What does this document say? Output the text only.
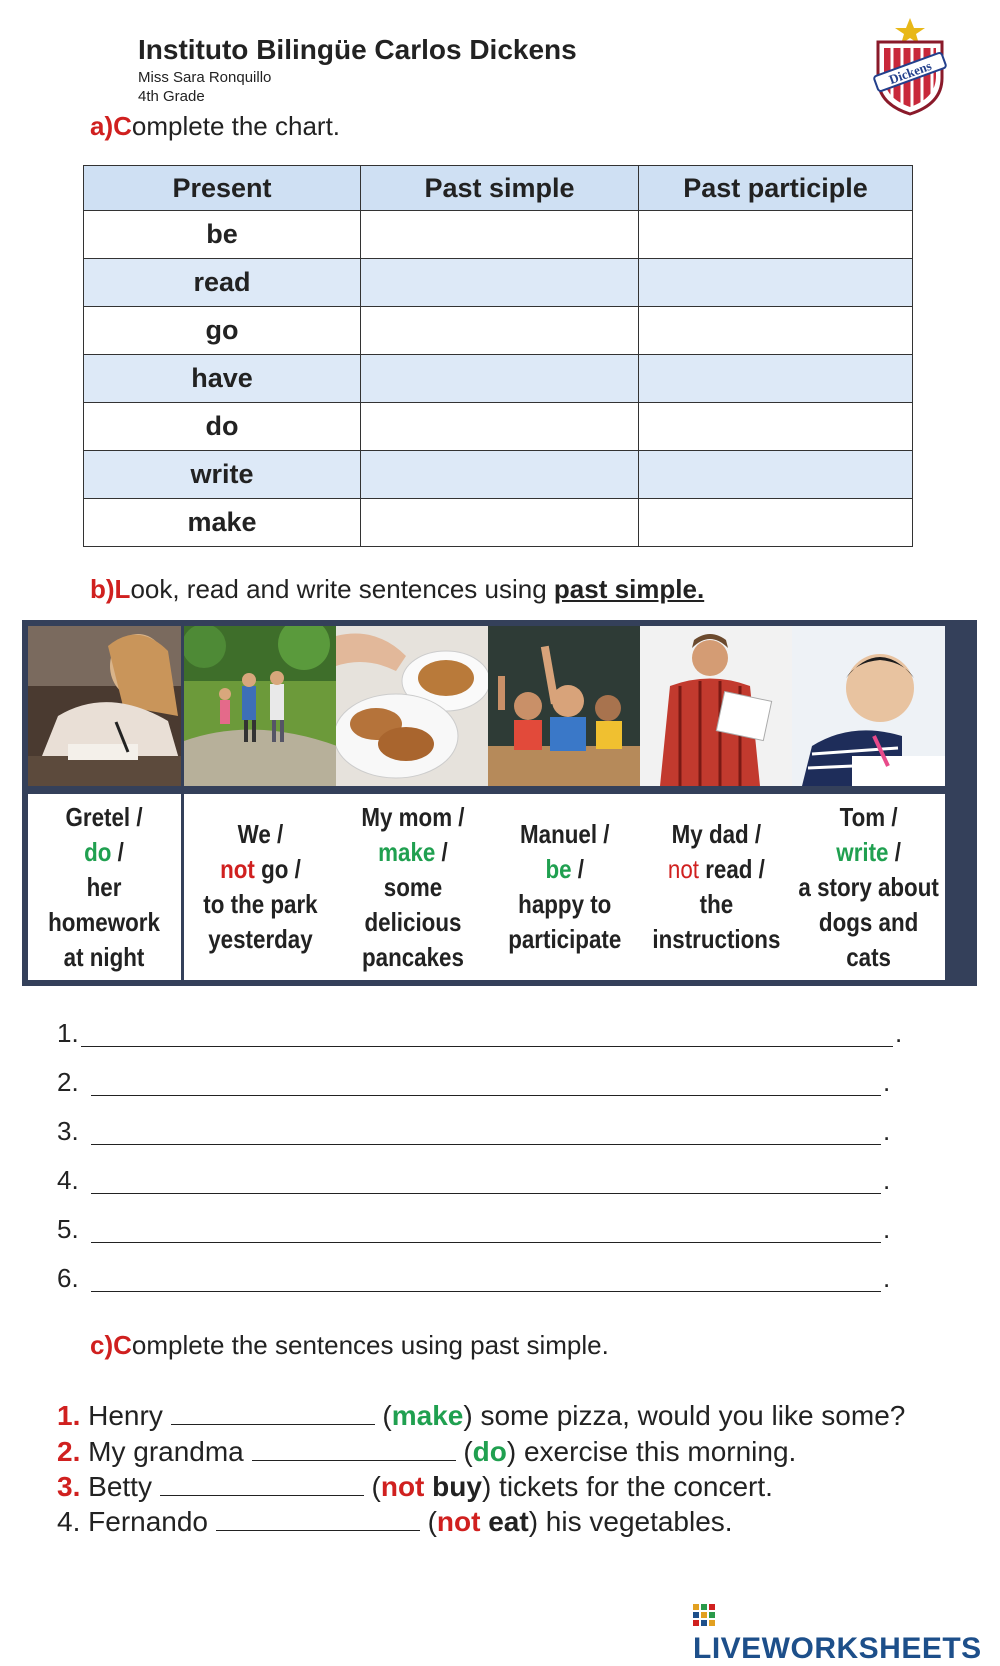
Instituto Bilingüe Carlos Dickens
Miss Sara Ronquillo
4th Grade
Dickens
a)Complete the chart.
Present	Past simple	Past participle
be		
read		
go		
have		
do		
write		
make		
b)Look, read and write sentences using past simple.
Gretel /
do /
her
homework
at night
We /
not go /
to the park
yesterday
My mom /
make /
some
delicious
pancakes
Manuel /
be /
happy to
participate
My dad /
not read /
the
instructions
Tom /
write /
a story about
dogs and
cats
1.	.
2.	.
3.	.
4.	.
5.	.
6.	.
c)Complete the sentences using past simple.
1. Henry	(make) some pizza, would you like some?
2. My grandma	(do) exercise this morning.
3. Betty	(not buy) tickets for the concert.
4. Fernando	(not eat) his vegetables.
LIVEWORKSHEETS
